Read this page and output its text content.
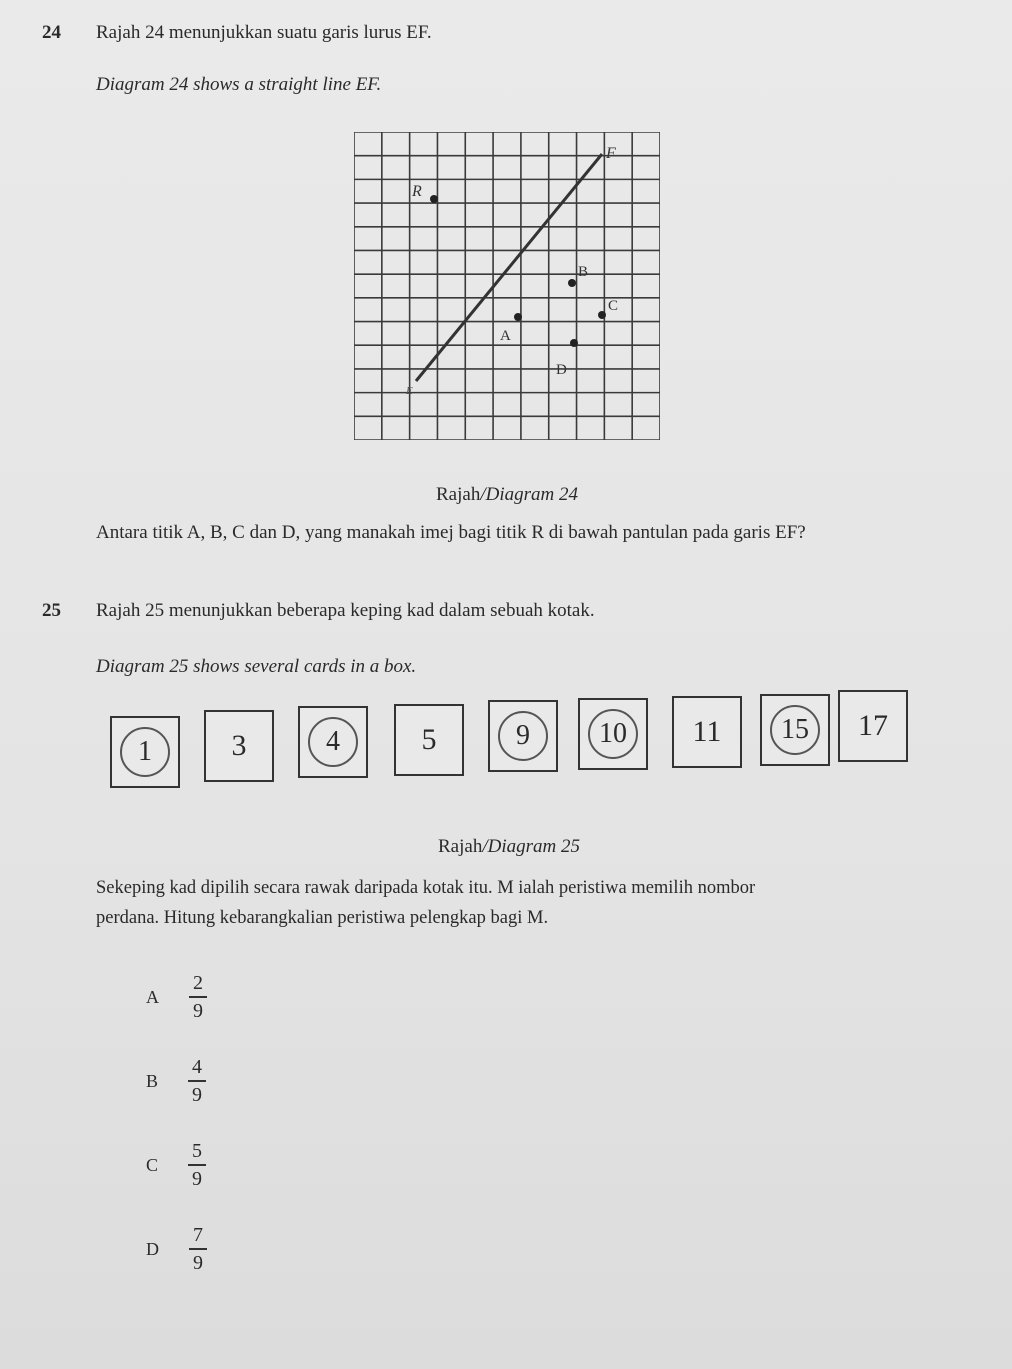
24 Rajah 24 menunjukkan suatu garis lurus EF.
Diagram 24 shows a straight line EF.
F
R
B
C
A
D
E
Rajah/Diagram 24
Antara titik A, B, C dan D, yang manakah imej bagi titik R di bawah pantulan pada garis EF?
25 Rajah 25 menunjukkan beberapa keping kad dalam sebuah kotak.
Diagram 25 shows several cards in a box.
1	3	4	5	9	10	11	15	17
Rajah/Diagram 25
Sekeping kad dipilih secara rawak daripada kotak itu. M ialah peristiwa memilih nombor
perdana. Hitung kebarangkalian peristiwa pelengkap bagi M.
A $\frac{2}{9}$
B $\frac{4}{9}$
C $\frac{5}{9}$
D $\frac{7}{9}$
